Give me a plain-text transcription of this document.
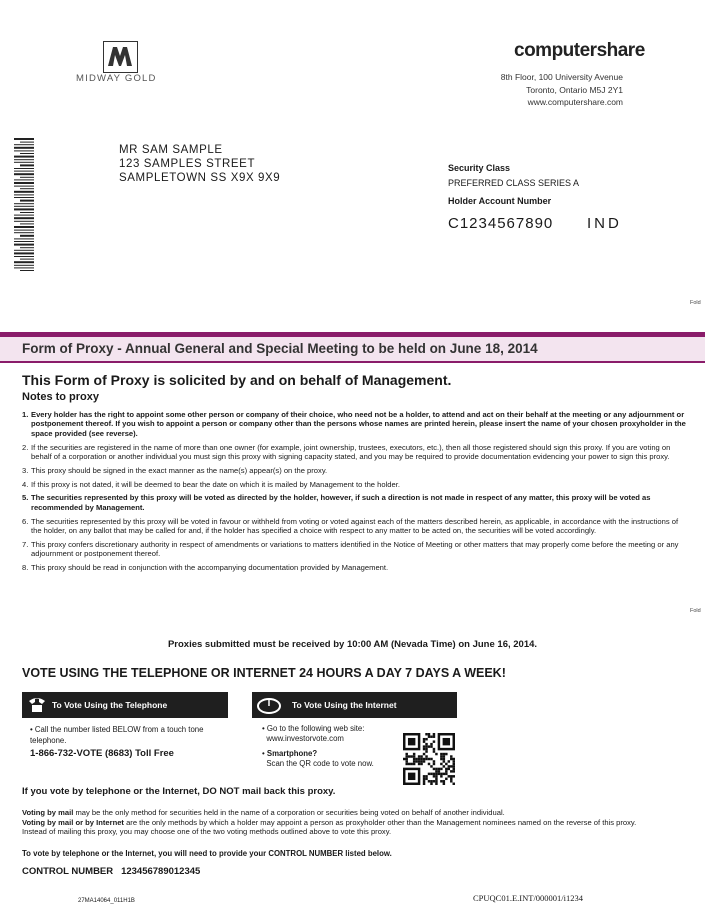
MIDWAY GOLD
computershare
8th Floor, 100 University Avenue
Toronto, Ontario M5J 2Y1
www.computershare.com
MR SAM SAMPLE
123 SAMPLES STREET
SAMPLETOWN SS X9X 9X9
Security Class
PREFERRED CLASS SERIES A
Holder Account Number
C1234567890 IND
Fold
Fold
Form of Proxy - Annual General and Special Meeting to be held on June 18, 2014
This Form of Proxy is solicited by and on behalf of Management.
Notes to proxy
1. Every holder has the right to appoint some other person or company of their choice, who need not be a holder, to attend and act on their behalf at the meeting or any adjournment or postponement thereof. If you wish to appoint a person or company other than the persons whose names are printed herein, please insert the name of your chosen proxyholder in the space provided (see reverse).
2. If the securities are registered in the name of more than one owner (for example, joint ownership, trustees, executors, etc.), then all those registered should sign this proxy. If you are voting on behalf of a corporation or another individual you must sign this proxy with signing capacity stated, and you may be required to provide documentation evidencing your power to sign this proxy.
3. This proxy should be signed in the exact manner as the name(s) appear(s) on the proxy.
4. If this proxy is not dated, it will be deemed to bear the date on which it is mailed by Management to the holder.
5. The securities represented by this proxy will be voted as directed by the holder, however, if such a direction is not made in respect of any matter, this proxy will be voted as recommended by Management.
6. The securities represented by this proxy will be voted in favour or withheld from voting or voted against each of the matters described herein, as applicable, in accordance with the instructions of the holder, on any ballot that may be called for and, if the holder has specified a choice with respect to any matter to be acted on, the securities will be voted accordingly.
7. This proxy confers discretionary authority in respect of amendments or variations to matters identified in the Notice of Meeting or other matters that may properly come before the meeting or any adjournment or postponement thereof.
8. This proxy should be read in conjunction with the accompanying documentation provided by Management.
Proxies submitted must be received by 10:00 AM (Nevada Time) on June 16, 2014.
VOTE USING THE TELEPHONE OR INTERNET 24 HOURS A DAY 7 DAYS A WEEK!
To Vote Using the Telephone
• Call the number listed BELOW from a touch tone telephone.
1-866-732-VOTE (8683) Toll Free
To Vote Using the Internet
• Go to the following web site:
www.investorvote.com
• Smartphone?
Scan the QR code to vote now.
If you vote by telephone or the Internet, DO NOT mail back this proxy.
Voting by mail may be the only method for securities held in the name of a corporation or securities being voted on behalf of another individual.
Voting by mail or by Internet are the only methods by which a holder may appoint a person as proxyholder other than the Management nominees named on the reverse of this proxy.
Instead of mailing this proxy, you may choose one of the two voting methods outlined above to vote this proxy.
To vote by telephone or the Internet, you will need to provide your CONTROL NUMBER listed below.
CONTROL NUMBER 123456789012345
27MA14064_011H1B	CPUQC01.E.INT/000001/i1234
